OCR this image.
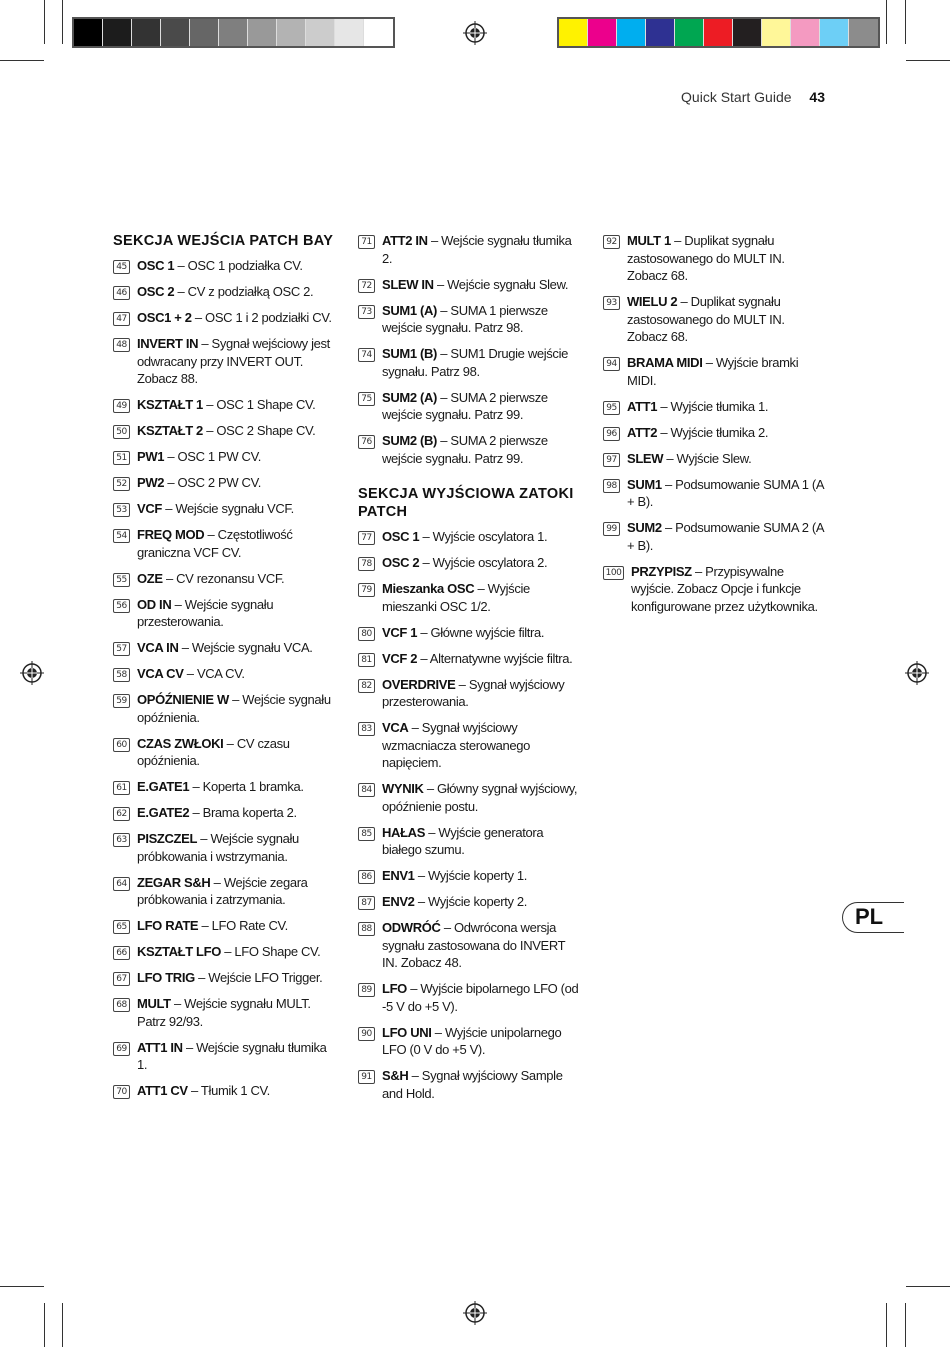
Quick Start Guide 43
SEKCJA WEJŚCIA PATCH BAY
45 OSC 1 – OSC 1 podziałka CV.
46 OSC 2 – CV z podziałką OSC 2.
47 OSC1 + 2 – OSC 1 i 2 podziałki CV.
48 INVERT IN – Sygnał wejściowy jest odwracany przy INVERT OUT. Zobacz 88.
49 KSZTAŁT 1 – OSC 1 Shape CV.
50 KSZTAŁT 2 – OSC 2 Shape CV.
51 PW1 – OSC 1 PW CV.
52 PW2 – OSC 2 PW CV.
53 VCF – Wejście sygnału VCF.
54 FREQ MOD – Częstotliwość graniczna VCF CV.
55 OZE – CV rezonansu VCF.
56 OD IN – Wejście sygnału przesterowania.
57 VCA IN – Wejście sygnału VCA.
58 VCA CV – VCA CV.
59 OPÓŹNIENIE W – Wejście sygnału opóźnienia.
60 CZAS ZWŁOKI – CV czasu opóźnienia.
61 E.GATE1 – Koperta 1 bramka.
62 E.GATE2 – Brama koperta 2.
63 PISZCZEL – Wejście sygnału próbkowania i wstrzymania.
64 ZEGAR S&H – Wejście zegara próbkowania i zatrzymania.
65 LFO RATE – LFO Rate CV.
66 KSZTAŁT LFO – LFO Shape CV.
67 LFO TRIG – Wejście LFO Trigger.
68 MULT – Wejście sygnału MULT. Patrz 92/93.
69 ATT1 IN – Wejście sygnału tłumika 1.
70 ATT1 CV – Tłumik 1 CV.
71 ATT2 IN – Wejście sygnału tłumika 2.
72 SLEW IN – Wejście sygnału Slew.
73 SUM1 (A) – SUMA 1 pierwsze wejście sygnału. Patrz 98.
74 SUM1 (B) – SUM1 Drugie wejście sygnału. Patrz 98.
75 SUM2 (A) – SUMA 2 pierwsze wejście sygnału. Patrz 99.
76 SUM2 (B) – SUMA 2 pierwsze wejście sygnału. Patrz 99.
SEKCJA WYJŚCIOWA ZATOKI PATCH
77 OSC 1 – Wyjście oscylatora 1.
78 OSC 2 – Wyjście oscylatora 2.
79 Mieszanka OSC – Wyjście mieszanki OSC 1/2.
80 VCF 1 – Główne wyjście filtra.
81 VCF 2 – Alternatywne wyjście filtra.
82 OVERDRIVE – Sygnał wyjściowy przesterowania.
83 VCA – Sygnał wyjściowy wzmacniacza sterowanego napięciem.
84 WYNIK – Główny sygnał wyjściowy, opóźnienie postu.
85 HAŁAS – Wyjście generatora białego szumu.
86 ENV1 – Wyjście koperty 1.
87 ENV2 – Wyjście koperty 2.
88 ODWRÓĆ – Odwrócona wersja sygnału zastosowana do INVERT IN. Zobacz 48.
89 LFO – Wyjście bipolarnego LFO (od -5 V do +5 V).
90 LFO UNI – Wyjście unipolarnego LFO (0 V do +5 V).
91 S&H – Sygnał wyjściowy Sample and Hold.
92 MULT 1 – Duplikat sygnału zastosowanego do MULT IN. Zobacz 68.
93 WIELU 2 – Duplikat sygnału zastosowanego do MULT IN. Zobacz 68.
94 BRAMA MIDI – Wyjście bramki MIDI.
95 ATT1 – Wyjście tłumika 1.
96 ATT2 – Wyjście tłumika 2.
97 SLEW – Wyjście Slew.
98 SUM1 – Podsumowanie SUMA 1 (A + B).
99 SUM2 – Podsumowanie SUMA 2 (A + B).
100 PRZYPISZ – Przypisywalne wyjście. Zobacz Opcje i funkcje konfigurowane przez użytkownika.
PL
